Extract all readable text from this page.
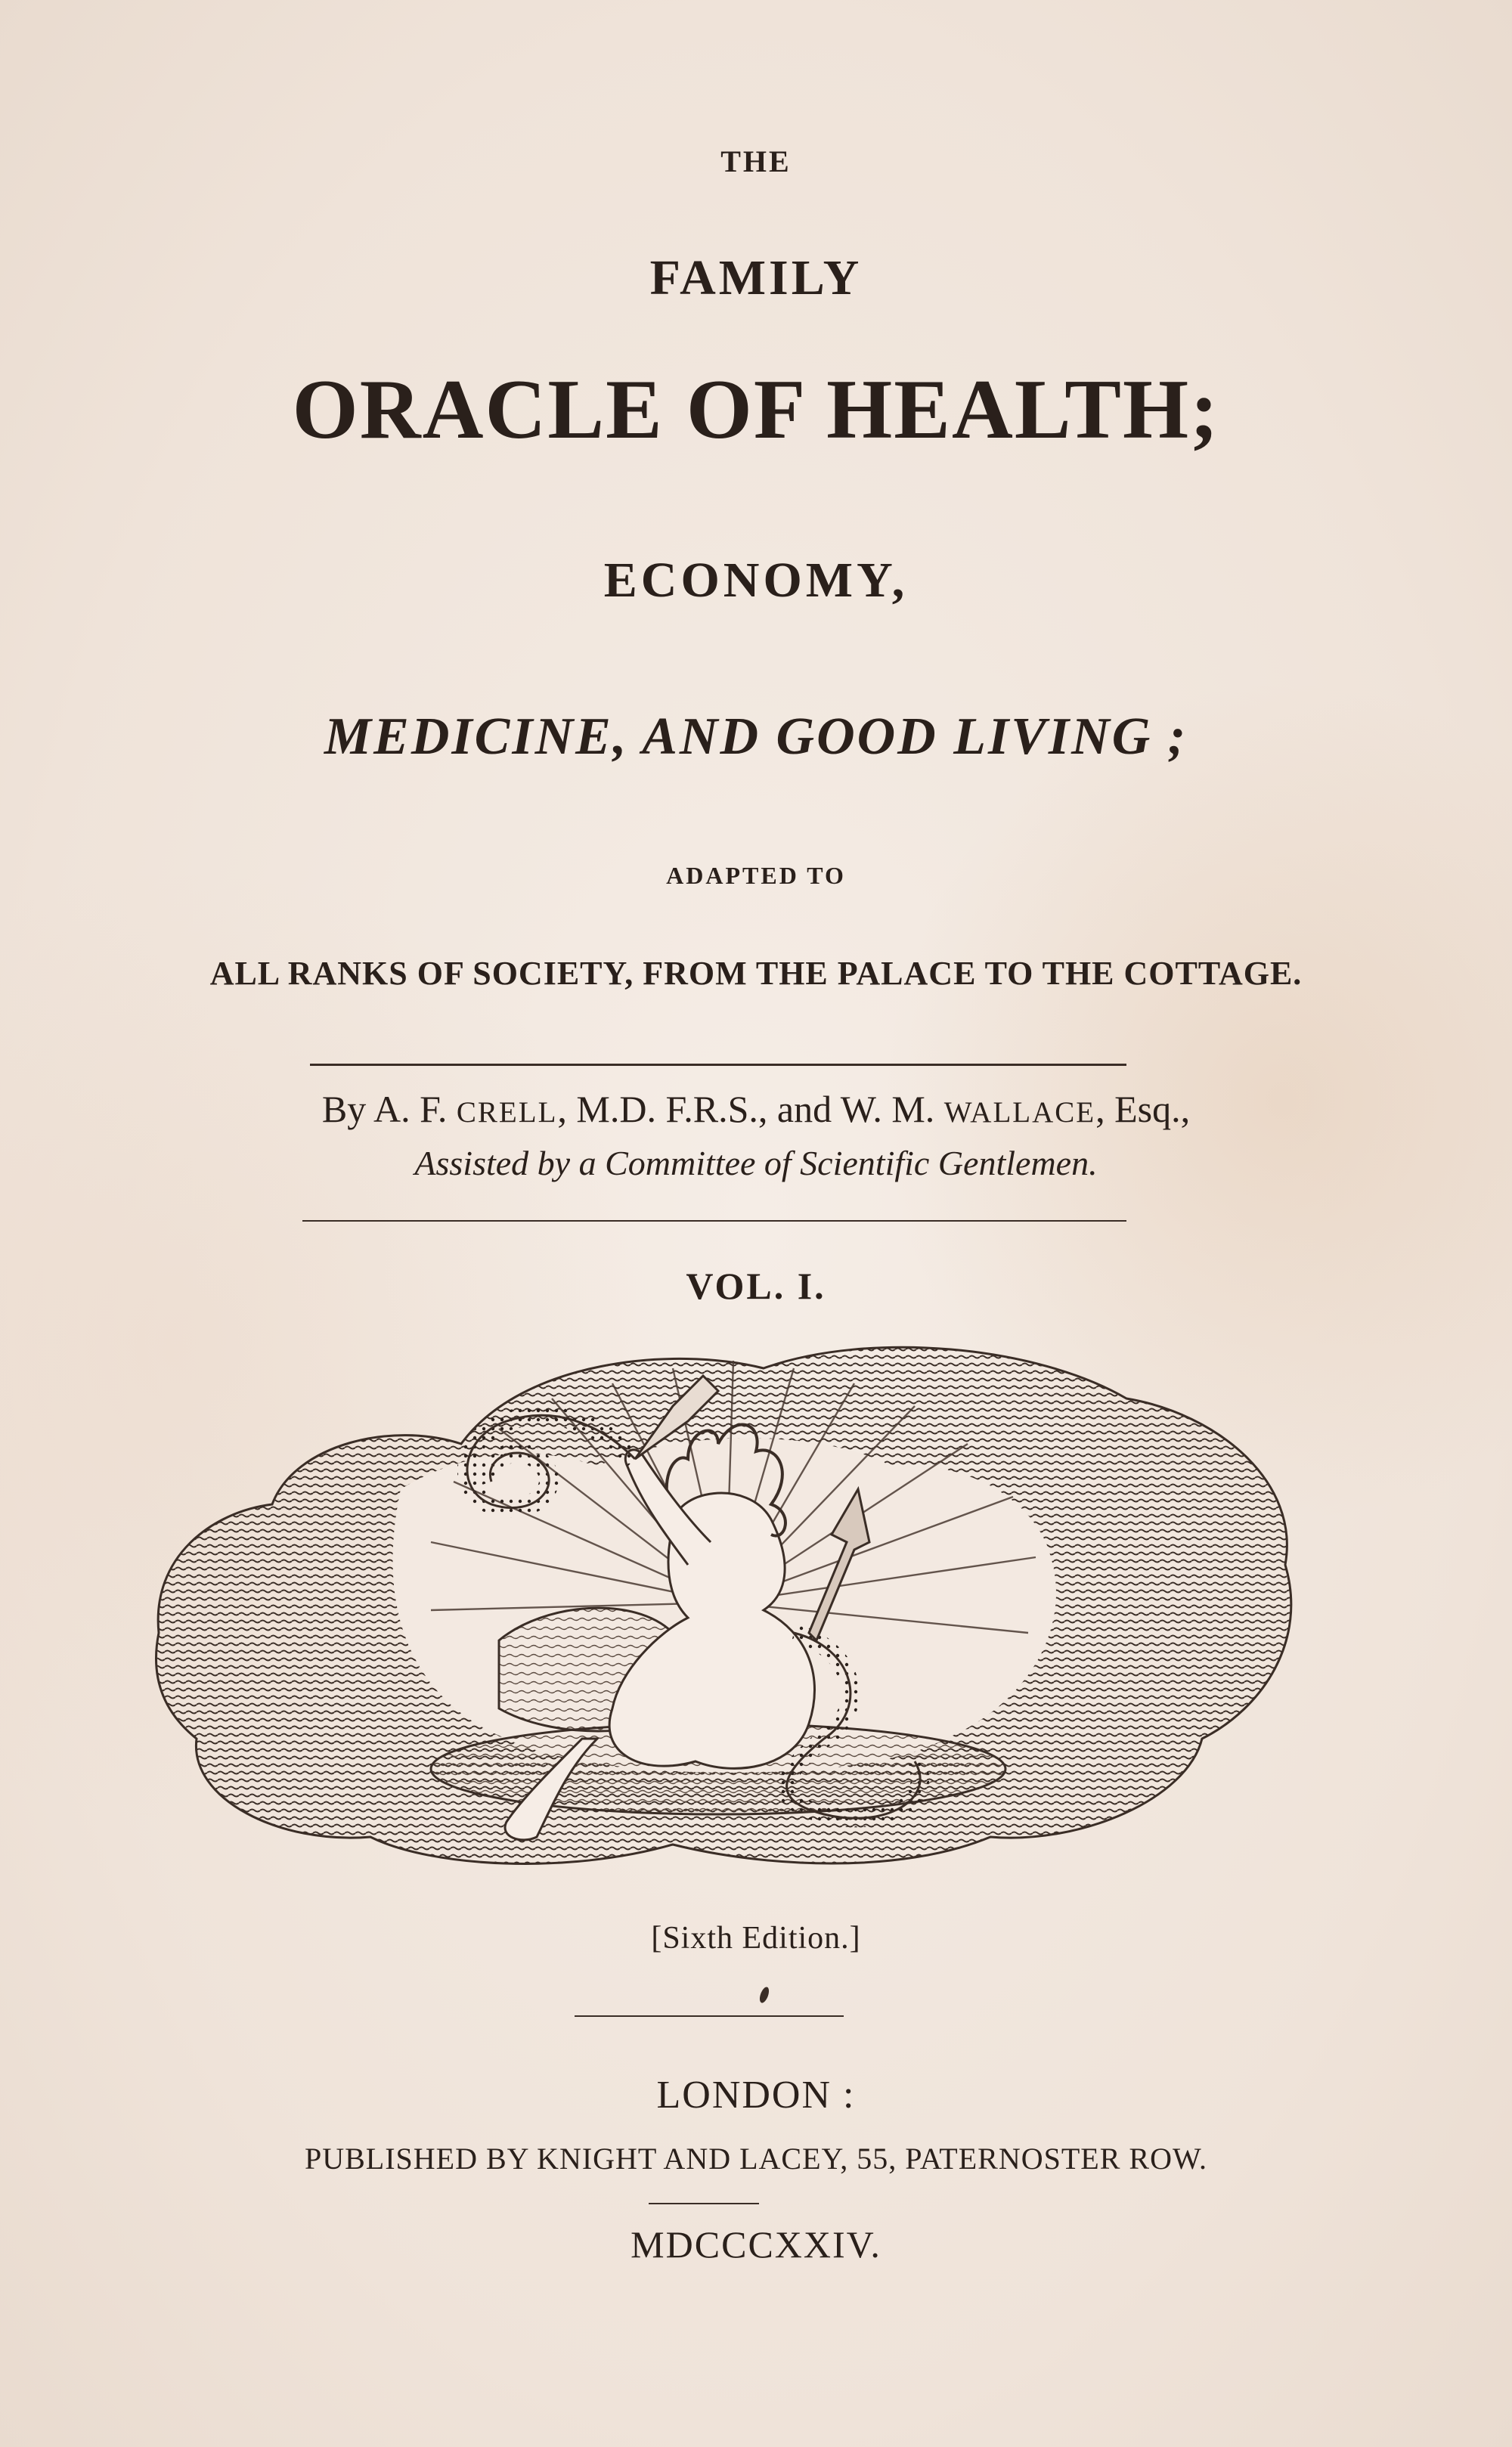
THE
FAMILY
ORACLE OF HEALTH;
ECONOMY,
MEDICINE, AND GOOD LIVING ;
ADAPTED TO
ALL RANKS OF SOCIETY, FROM THE PALACE TO THE COTTAGE.
By A. F. CRELL, M.D. F.R.S., and W. M. WALLACE, Esq.,
Assisted by a Committee of Scientific Gentlemen.
VOL. I.
[Sixth Edition.]
LONDON :
PUBLISHED BY KNIGHT AND LACEY, 55, PATERNOSTER ROW.
MDCCCXXIV.
